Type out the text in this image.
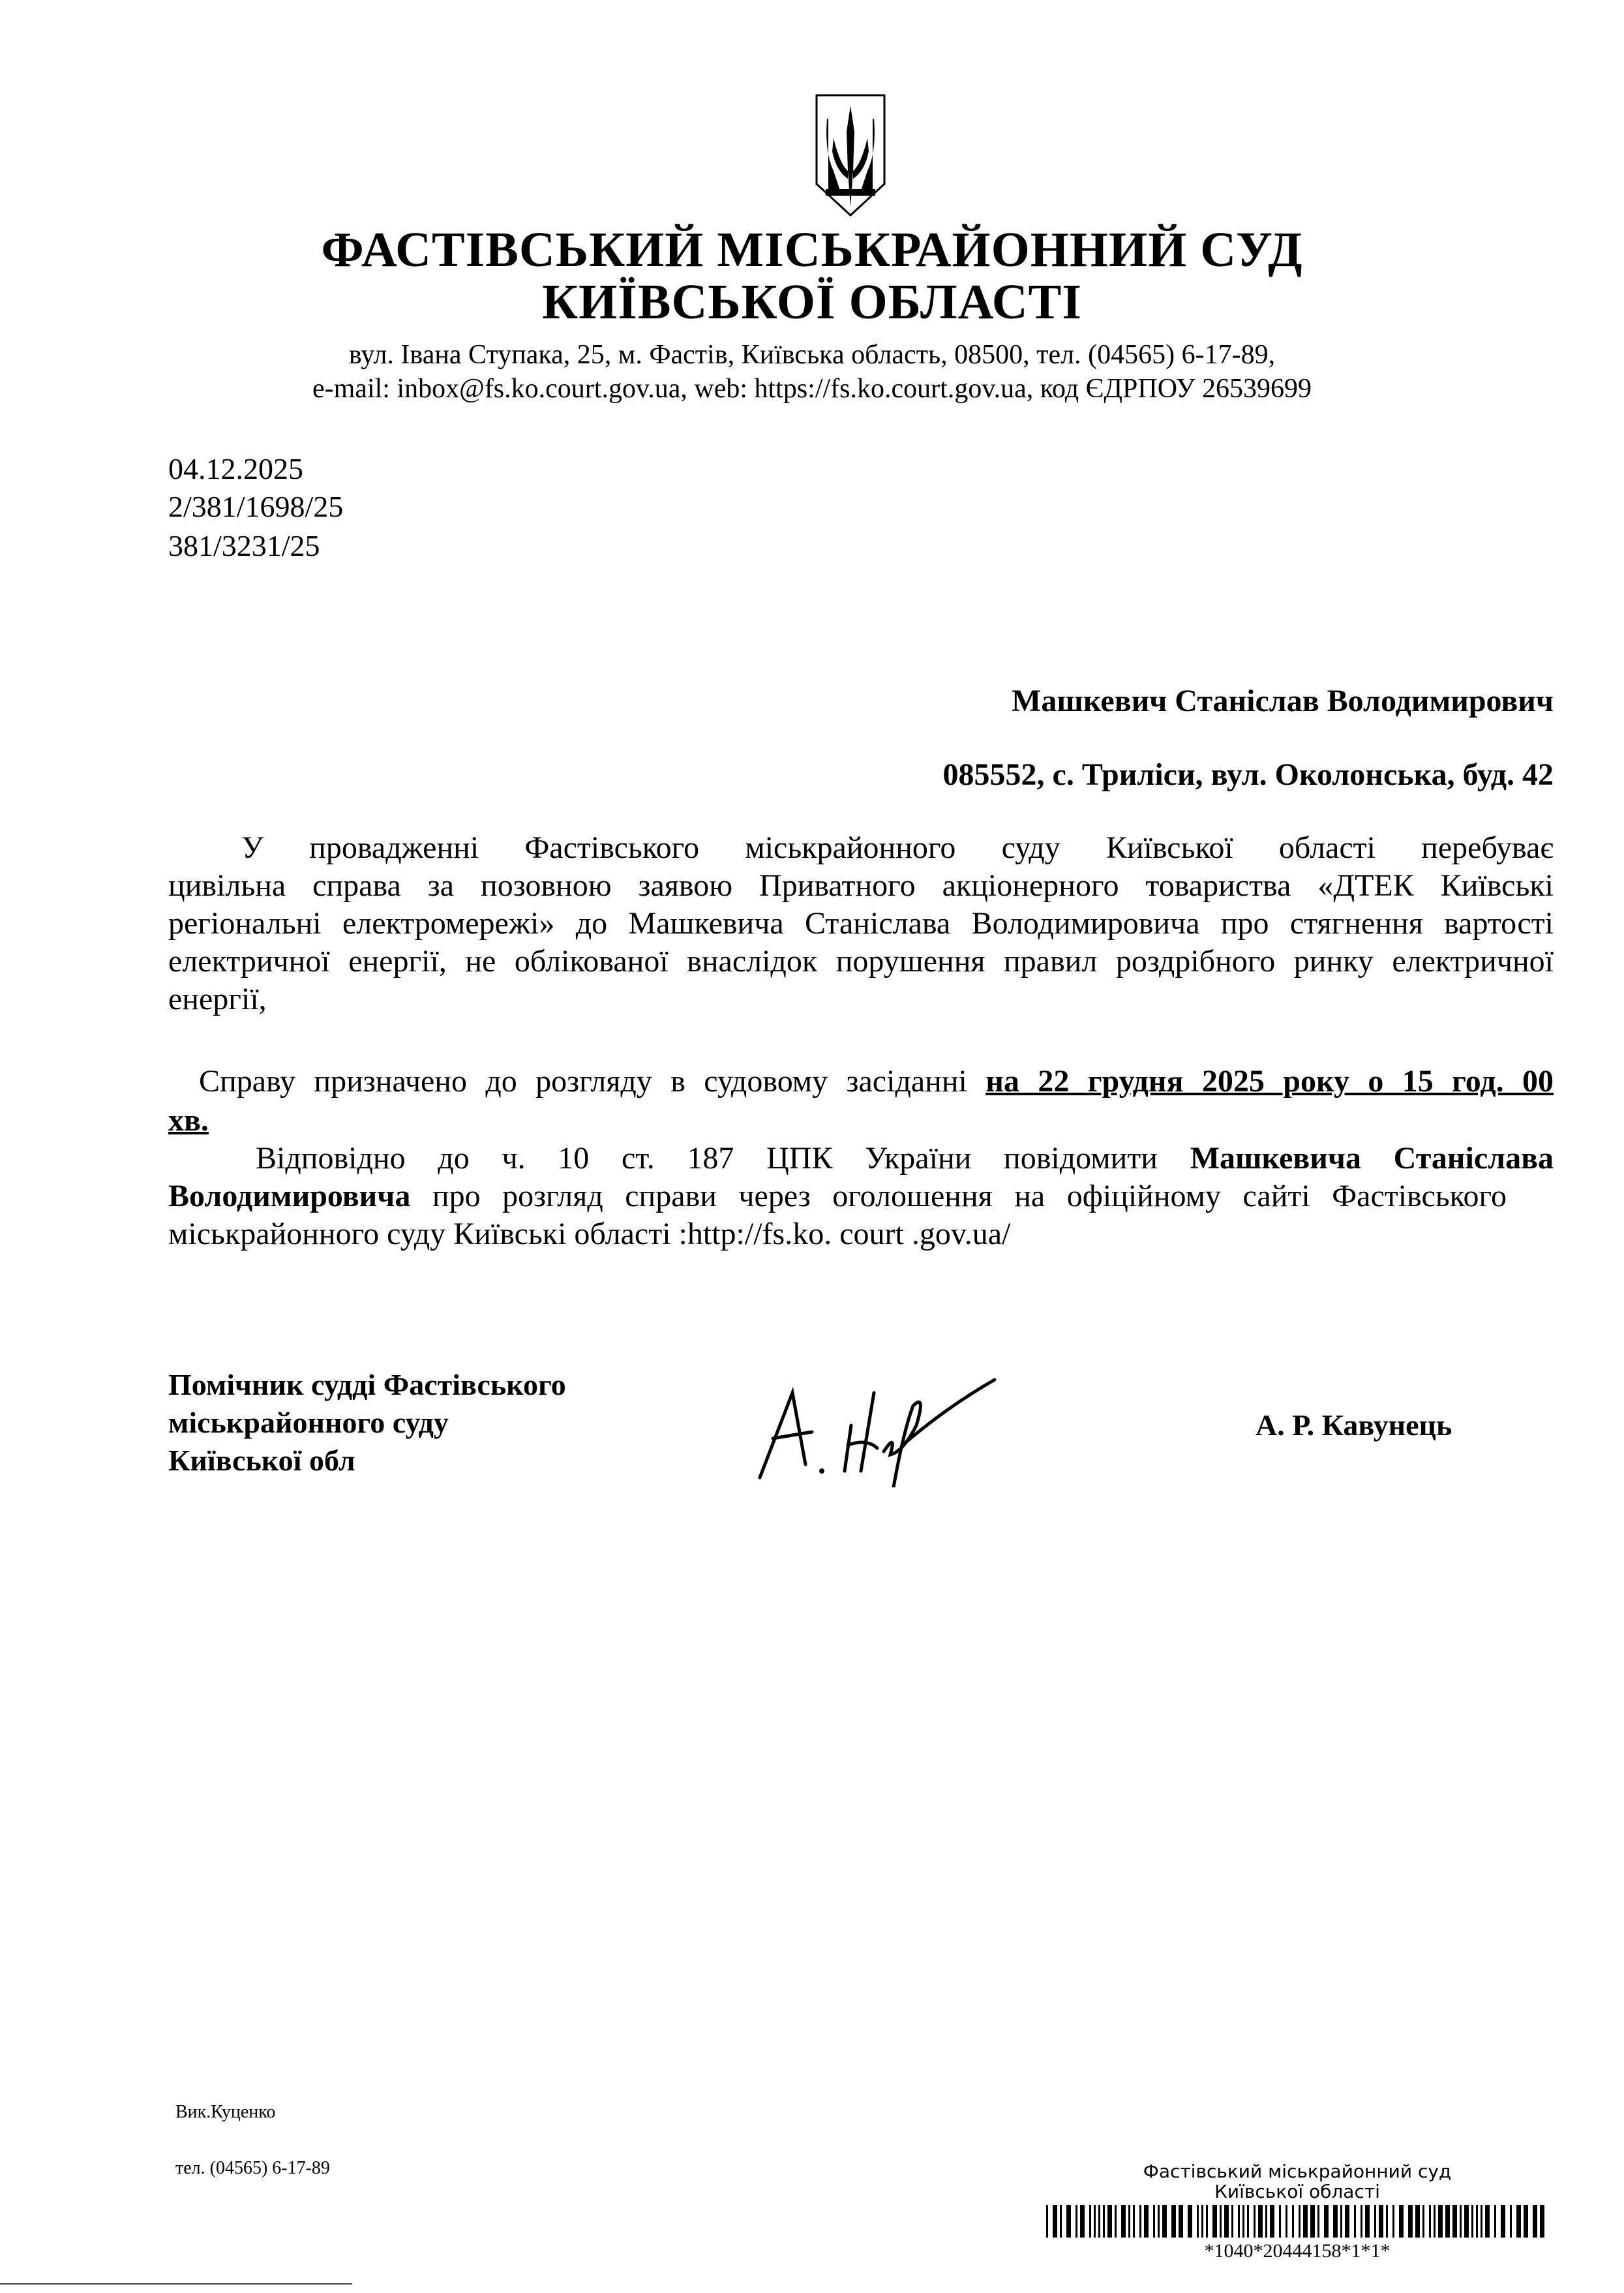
ФАСТІВСЬКИЙ МІСЬКРАЙОННИЙ СУД
КИЇВСЬКОЇ ОБЛАСТІ
вул. Івана Ступака, 25, м. Фастів, Київська область, 08500, тел. (04565) 6-17-89,
e-mail: inbox@fs.ko.court.gov.ua, web: https://fs.ko.court.gov.ua, код ЄДРПОУ 26539699
04.12.2025
2/381/1698/25
381/3231/25
Машкевич Станіслав Володимирович
085552, с. Триліси, вул. Околонська, буд. 42
У провадженні Фастівського міськрайонного суду Київської області перебуває
цивільна справа за позовною заявою Приватного акціонерного товариства «ДТЕК Київські
регіональні електромережі» до Машкевича Станіслава Володимировича про стягнення вартості
електричної енергії, не облікованої внаслідок порушення правил роздрібного ринку електричної
енергії,
Справу призначено до розгляду в судовому засіданні на 22 грудня 2025 року о 15 год. 00
хв.
Відповідно до ч. 10 ст. 187 ЦПК України повідомити Машкевича Станіслава
Володимировича про розгляд справи через оголошення на офіційному сайті Фастівського
міськрайонного суду Київські області :http://fs.ko. court .gov.ua/
Помічник судді Фастівського
міськрайонного суду
Київської обл
А. Р. Кавунець
Вик.Куценко
тел. (04565) 6-17-89	Фастівський міськрайонний суд
Київської області
*1040*20444158*1*1*
